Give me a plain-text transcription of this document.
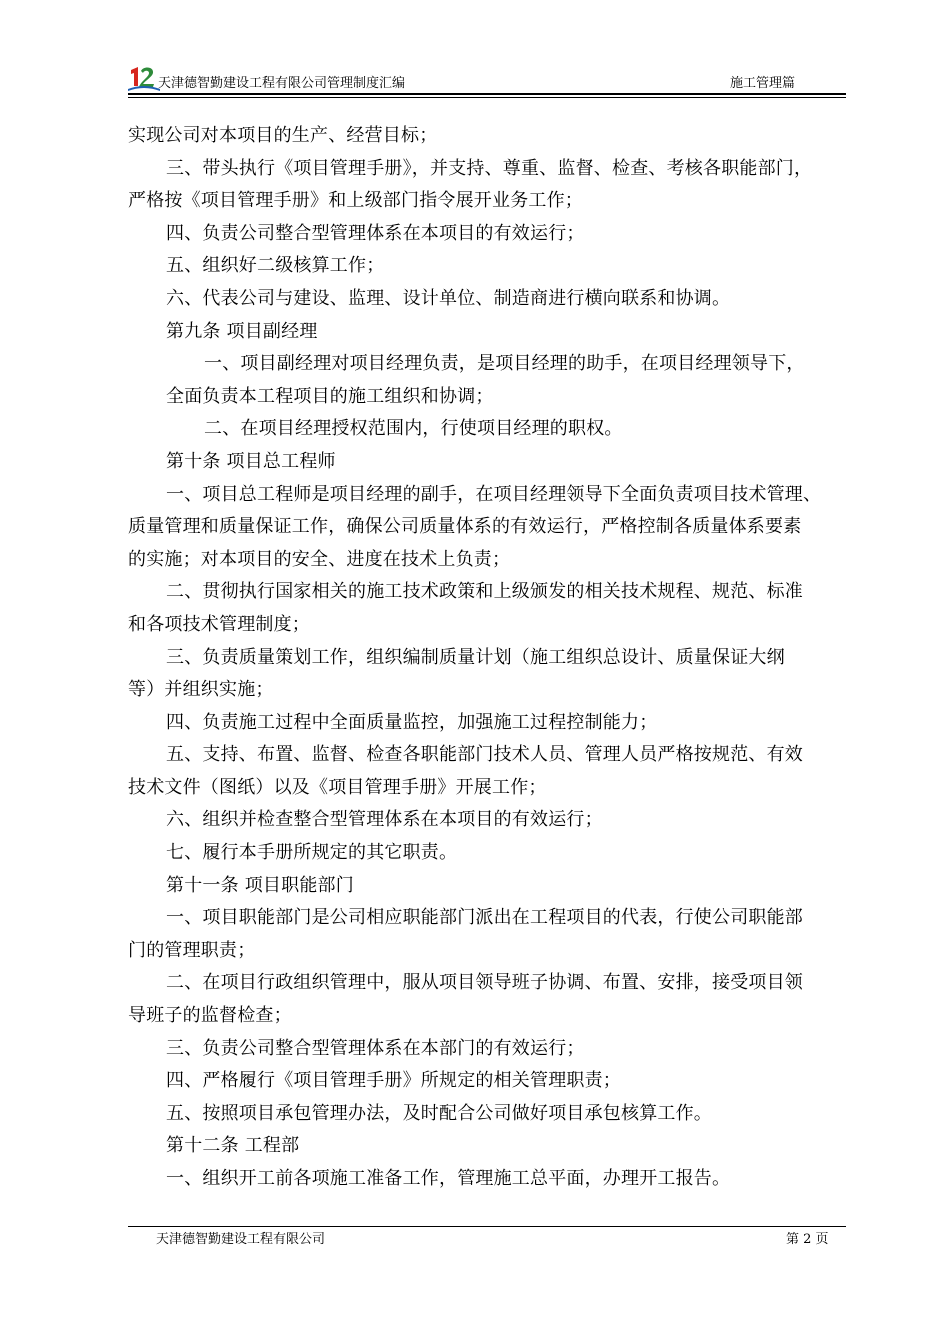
天津德智勤建设工程有限公司管理制度汇编	施工管理篇
实现公司对本项目的生产、经营目标；
三、带头执行《项目管理手册》，并支持、尊重、监督、检查、考核各职能部门，
严格按《项目管理手册》和上级部门指令展开业务工作；
四、负责公司整合型管理体系在本项目的有效运行；
五、组织好二级核算工作；
六、代表公司与建设、监理、设计单位、制造商进行横向联系和协调。
第九条 项目副经理
一、项目副经理对项目经理负责，是项目经理的助手，在项目经理领导下，
全面负责本工程项目的施工组织和协调；
二、在项目经理授权范围内，行使项目经理的职权。
第十条 项目总工程师
一、项目总工程师是项目经理的副手，在项目经理领导下全面负责项目技术管理、
质量管理和质量保证工作，确保公司质量体系的有效运行，严格控制各质量体系要素
的实施；对本项目的安全、进度在技术上负责；
二、贯彻执行国家相关的施工技术政策和上级颁发的相关技术规程、规范、标准
和各项技术管理制度；
三、负责质量策划工作，组织编制质量计划（施工组织总设计、质量保证大纲
等）并组织实施；
四、负责施工过程中全面质量监控，加强施工过程控制能力；
五、支持、布置、监督、检查各职能部门技术人员、管理人员严格按规范、有效
技术文件（图纸）以及《项目管理手册》开展工作；
六、组织并检查整合型管理体系在本项目的有效运行；
七、履行本手册所规定的其它职责。
第十一条 项目职能部门
一、项目职能部门是公司相应职能部门派出在工程项目的代表，行使公司职能部
门的管理职责；
二、在项目行政组织管理中，服从项目领导班子协调、布置、安排，接受项目领
导班子的监督检查；
三、负责公司整合型管理体系在本部门的有效运行；
四、严格履行《项目管理手册》所规定的相关管理职责；
五、按照项目承包管理办法，及时配合公司做好项目承包核算工作。
第十二条 工程部
一、组织开工前各项施工准备工作，管理施工总平面，办理开工报告。
天津德智勤建设工程有限公司	第 2 页
